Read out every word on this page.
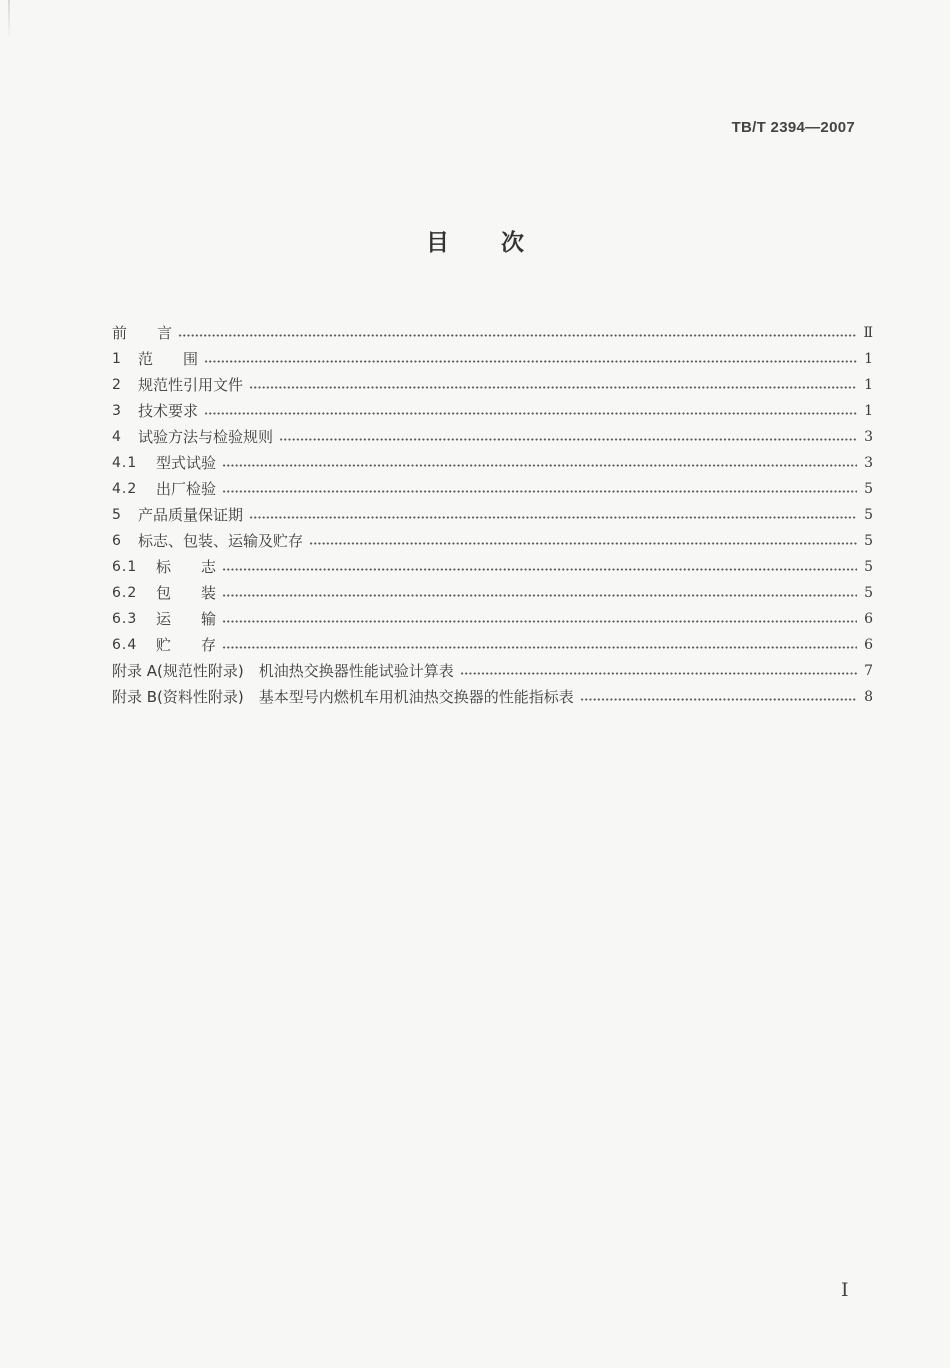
TB/T 2394—2007
目 次
前　　言	Ⅱ
1	范　　围	1
2	规范性引用文件	1
3	技术要求	1
4	试验方法与检验规则	3
4.1	型式试验	3
4.2	出厂检验	5
5	产品质量保证期	5
6	标志、包装、运输及贮存	5
6.1	标　　志	5
6.2	包　　装	5
6.3	运　　输	6
6.4	贮　　存	6
附录 A(规范性附录)　机油热交换器性能试验计算表	7
附录 B(资料性附录)　基本型号内燃机车用机油热交换器的性能指标表	8
I
